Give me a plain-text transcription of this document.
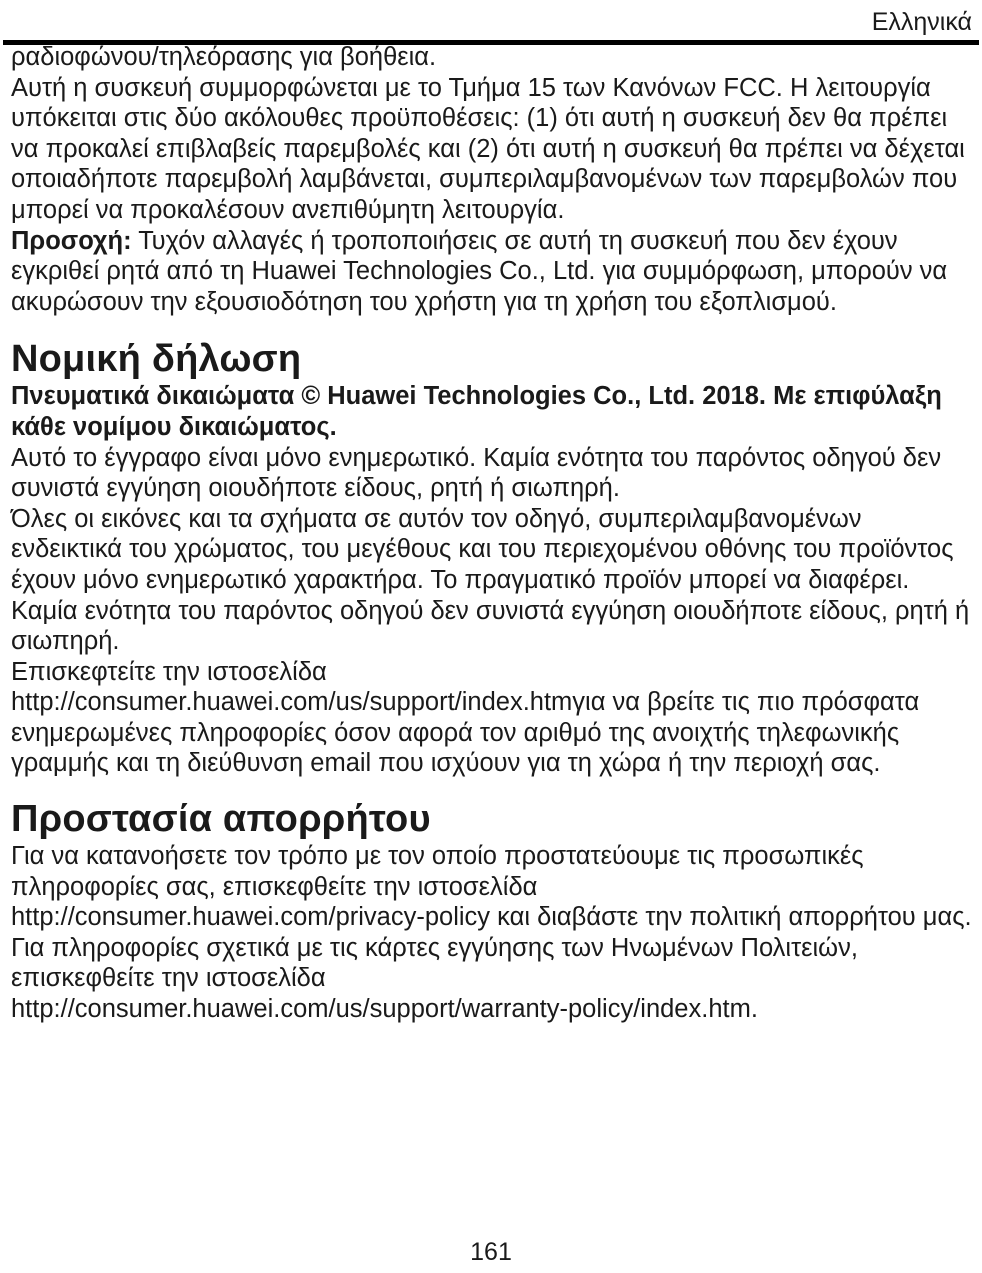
Ελληνικά

ραδιοφώνου/τηλεόρασης για βοήθεια.

Αυτή η συσκευή συμμορφώνεται με το Τμήμα 15 των Κανόνων FCC. Η λειτουργία υπόκειται στις δύο ακόλουθες προϋποθέσεις: (1) ότι αυτή η συσκευή δεν θα πρέπει να προκαλεί επιβλαβείς παρεμβολές και (2) ότι αυτή η συσκευή θα πρέπει να δέχεται οποιαδήποτε παρεμβολή λαμβάνεται, συμπεριλαμβανομένων των παρεμβολών που μπορεί να προκαλέσουν ανεπιθύμητη λειτουργία.

Προσοχή: Τυχόν αλλαγές ή τροποποιήσεις σε αυτή τη συσκευή που δεν έχουν εγκριθεί ρητά από τη Huawei Technologies Co., Ltd. για συμμόρφωση, μπορούν να ακυρώσουν την εξουσιοδότηση του χρήστη για τη χρήση του εξοπλισμού.

Νομική δήλωση

Πνευματικά δικαιώματα © Huawei Technologies Co., Ltd. 2018. Με επιφύλαξη κάθε νομίμου δικαιώματος.

Αυτό το έγγραφο είναι μόνο ενημερωτικό. Καμία ενότητα του παρόντος οδηγού δεν συνιστά εγγύηση οιουδήποτε είδους, ρητή ή σιωπηρή.

Όλες οι εικόνες και τα σχήματα σε αυτόν τον οδηγό, συμπεριλαμβανομένων ενδεικτικά του χρώματος, του μεγέθους και του περιεχομένου οθόνης του προϊόντος έχουν μόνο ενημερωτικό χαρακτήρα. Το πραγματικό προϊόν μπορεί να διαφέρει. Καμία ενότητα του παρόντος οδηγού δεν συνιστά εγγύηση οιουδήποτε είδους, ρητή ή σιωπηρή.

Επισκεφτείτε την ιστοσελίδα

http://consumer.huawei.com/us/support/index.htmγια να βρείτε τις πιο πρόσφατα ενημερωμένες πληροφορίες όσον αφορά τον αριθμό της ανοιχτής τηλεφωνικής γραμμής και τη διεύθυνση email που ισχύουν για τη χώρα ή την περιοχή σας.

Προστασία απορρήτου

Για να κατανοήσετε τον τρόπο με τον οποίο προστατεύουμε τις προσωπικές πληροφορίες σας, επισκεφθείτε την ιστοσελίδα

http://consumer.huawei.com/privacy-policy και διαβάστε την πολιτική απορρήτου μας.

Για πληροφορίες σχετικά με τις κάρτες εγγύησης των Ηνωμένων Πολιτειών, επισκεφθείτε την ιστοσελίδα

http://consumer.huawei.com/us/support/warranty-policy/index.htm.

161
